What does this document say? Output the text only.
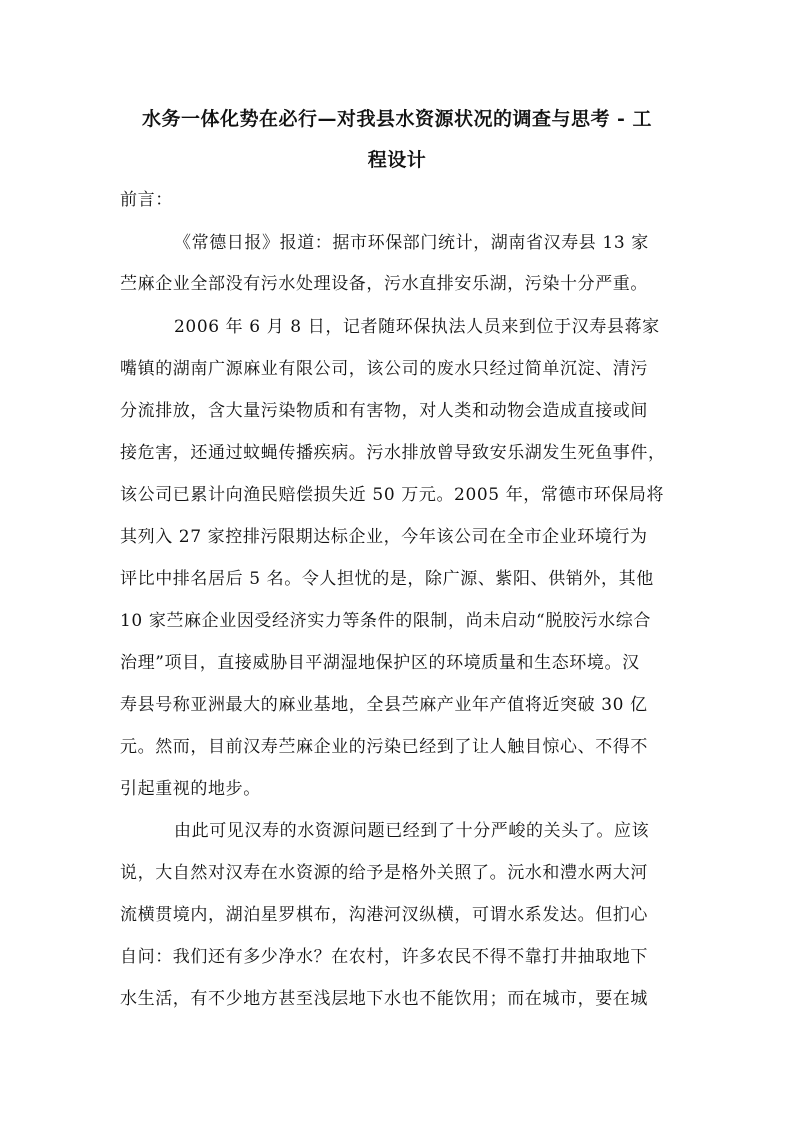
水务一体化势在必行—对我县水资源状况的调查与思考 - 工
程设计
前言：
《常德日报》报道：据市环保部门统计，湖南省汉寿县 13 家
苎麻企业全部没有污水处理设备，污水直排安乐湖，污染十分严重。
2006 年 6 月 8 日，记者随环保执法人员来到位于汉寿县蒋家
嘴镇的湖南广源麻业有限公司，该公司的废水只经过简单沉淀、清污
分流排放，含大量污染物质和有害物，对人类和动物会造成直接或间
接危害，还通过蚊蝇传播疾病。污水排放曾导致安乐湖发生死鱼事件，
该公司已累计向渔民赔偿损失近 50 万元。2005 年，常德市环保局将
其列入 27 家控排污限期达标企业，今年该公司在全市企业环境行为
评比中排名居后 5 名。令人担忧的是，除广源、紫阳、供销外，其他
10 家苎麻企业因受经济实力等条件的限制，尚未启动“脱胶污水综合
治理”项目，直接威胁目平湖湿地保护区的环境质量和生态环境。汉
寿县号称亚洲最大的麻业基地，全县苎麻产业年产值将近突破 30 亿
元。然而，目前汉寿苎麻企业的污染已经到了让人触目惊心、不得不
引起重视的地步。
由此可见汉寿的水资源问题已经到了十分严峻的关头了。应该
说，大自然对汉寿在水资源的给予是格外关照了。沅水和澧水两大河
流横贯境内，湖泊星罗棋布，沟港河汊纵横，可谓水系发达。但扪心
自问：我们还有多少净水？在农村，许多农民不得不靠打井抽取地下
水生活，有不少地方甚至浅层地下水也不能饮用；而在城市，要在城
